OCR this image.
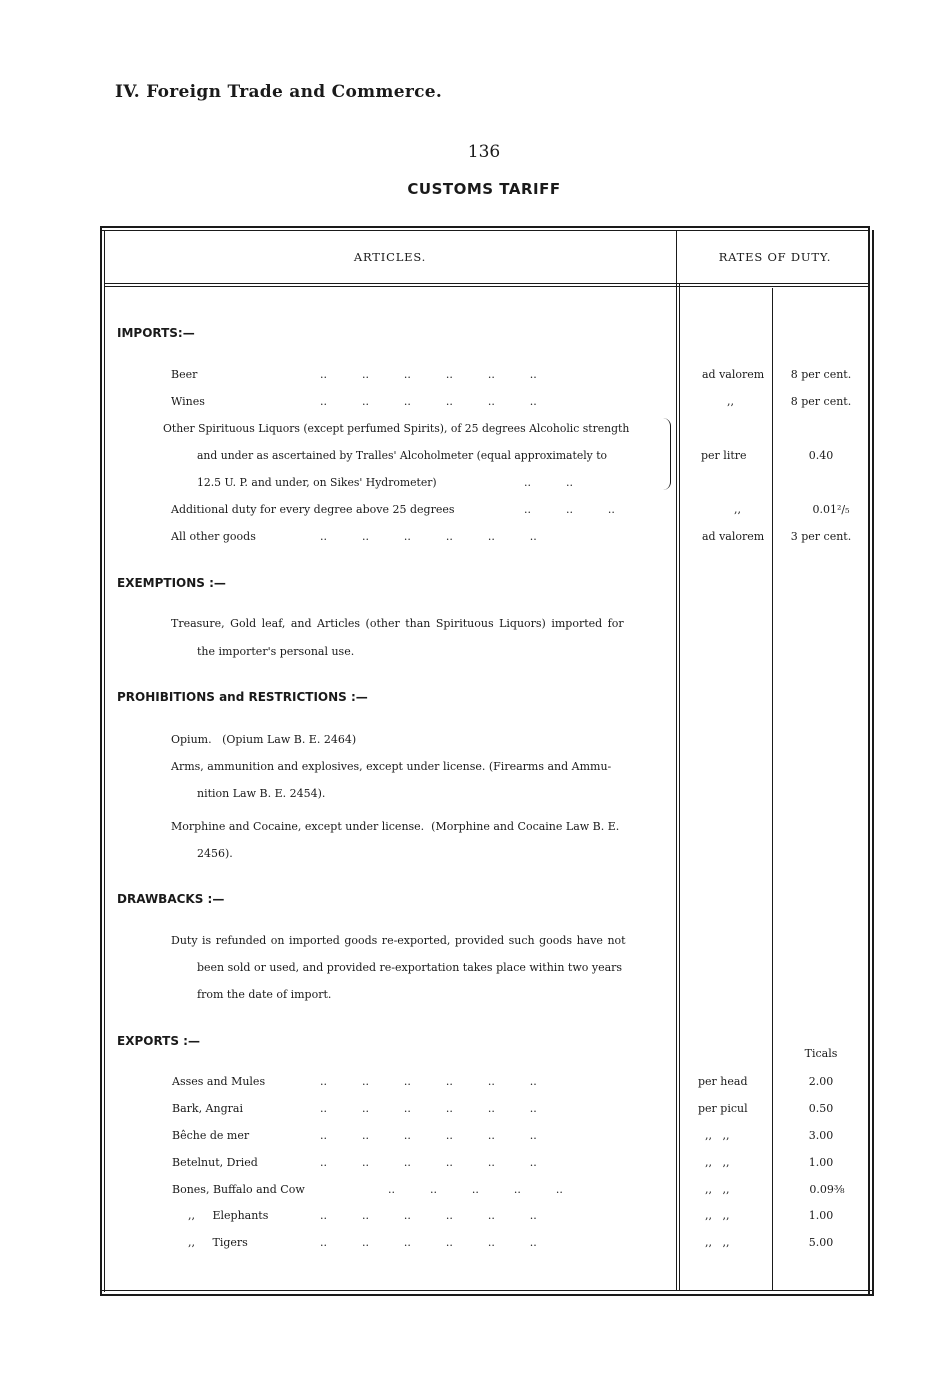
IV. Foreign Trade and Commerce.
136
CUSTOMS TARIFF
ARTICLES.	RATES OF DUTY.
IMPORTS:—
Beer	..          ..          ..          ..          ..          ..	ad valorem	8 per cent.
Wines	..          ..          ..          ..          ..          ..	,,	8 per cent.
Other Spirituous Liquors (except perfumed Spirits), of 25 degrees Alcoholic strength
and under as ascertained by Tralles' Alcoholmeter (equal approximately to
12.5 U. P. and under, on Sikes' Hydrometer)	..          ..
per litre	0.40
Additional duty for every degree above 25 degrees	..          ..          ..	,,	0.01²/₅
All other goods	..          ..          ..          ..          ..          ..	ad valorem	3 per cent.
EXEMPTIONS :—
Treasure, Gold leaf, and Articles (other than Spirituous Liquors) imported for
the importer's personal use.
PROHIBITIONS and RESTRICTIONS :—
Opium.   (Opium Law B. E. 2464)
Arms, ammunition and explosives, except under license. (Firearms and Ammu-
nition Law B. E. 2454).
Morphine and Cocaine, except under license.  (Morphine and Cocaine Law B. E.
2456).
DRAWBACKS :—
Duty is refunded on imported goods re-exported, provided such goods have not
been sold or used, and provided re-exportation takes place within two years
from the date of import.
EXPORTS :—
Ticals
Asses and Mules	..          ..          ..          ..          ..          ..	per head	2.00
Bark, Angrai	..          ..          ..          ..          ..          ..	per picul	0.50
Bêche de mer	..          ..          ..          ..          ..          ..	,,   ,,	3.00
Betelnut, Dried	..          ..          ..          ..          ..          ..	,,   ,,	1.00
Bones, Buffalo and Cow	..          ..          ..          ..          ..	,,   ,,	0.09⅜
,,     Elephants	..          ..          ..          ..          ..          ..	,,   ,,	1.00
,,     Tigers	..          ..          ..          ..          ..          ..	,,   ,,	5.00
